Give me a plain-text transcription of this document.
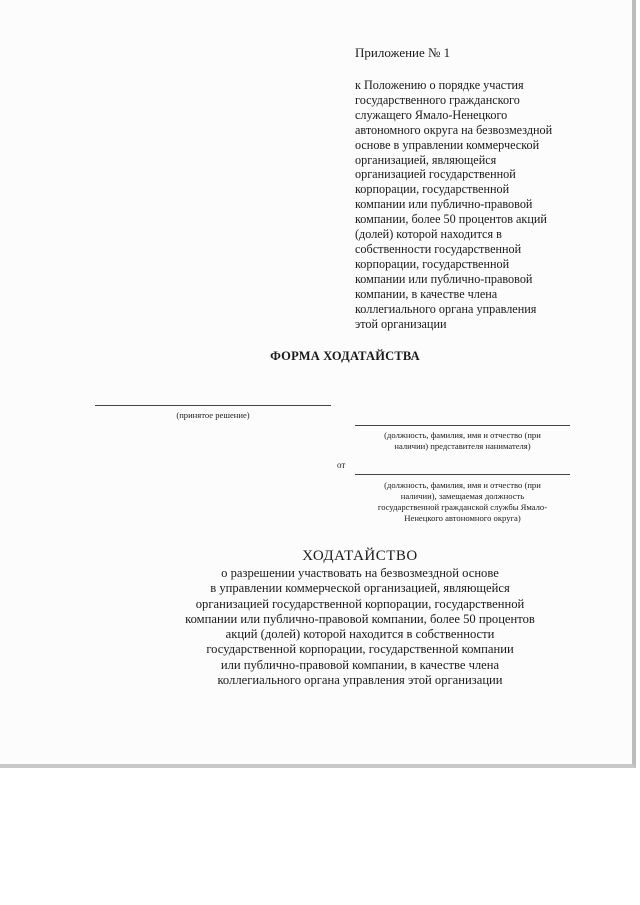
Приложение № 1
к Положению о порядке участия
государственного гражданского
служащего Ямало-Ненецкого
автономного округа на безвозмездной
основе в управлении коммерческой
организацией, являющейся
организацией государственной
корпорации, государственной
компании или публично-правовой
компании, более 50 процентов акций
(долей) которой находится в
собственности государственной
корпорации, государственной
компании или публично-правовой
компании, в качестве члена
коллегиального органа управления
этой организации
ФОРМА ХОДАТАЙСТВА
(принятое решение)
(должность, фамилия, имя и отчество (при
наличии) представителя нанимателя)
от
(должность, фамилия, имя и отчество (при
наличии), замещаемая должность
государственной гражданской службы Ямало-
Ненецкого автономного округа)
ХОДАТАЙСТВО
о разрешении участвовать на безвозмездной основе
в управлении коммерческой организацией, являющейся
организацией государственной корпорации, государственной
компании или публично-правовой компании, более 50 процентов
акций (долей) которой находится в собственности
государственной корпорации, государственной компании
или публично-правовой компании, в качестве члена
коллегиального органа управления этой организации
